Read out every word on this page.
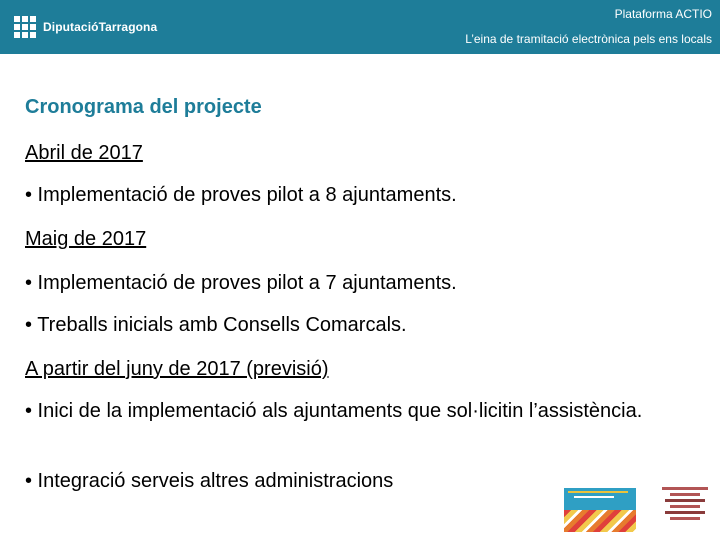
DiputacióTarragona
Plataforma ACTIO
L’eina de tramitació electrònica pels ens locals
Cronograma del projecte

Abril de 2017

• Implementació de proves pilot a 8 ajuntaments.

Maig de 2017

• Implementació de proves pilot a 7 ajuntaments.

• Treballs inicials amb Consells Comarcals.

A partir del juny de 2017 (previsió)

• Inici de la implementació als ajuntaments que sol·licitin l’assistència.

• Integració serveis altres administracions
